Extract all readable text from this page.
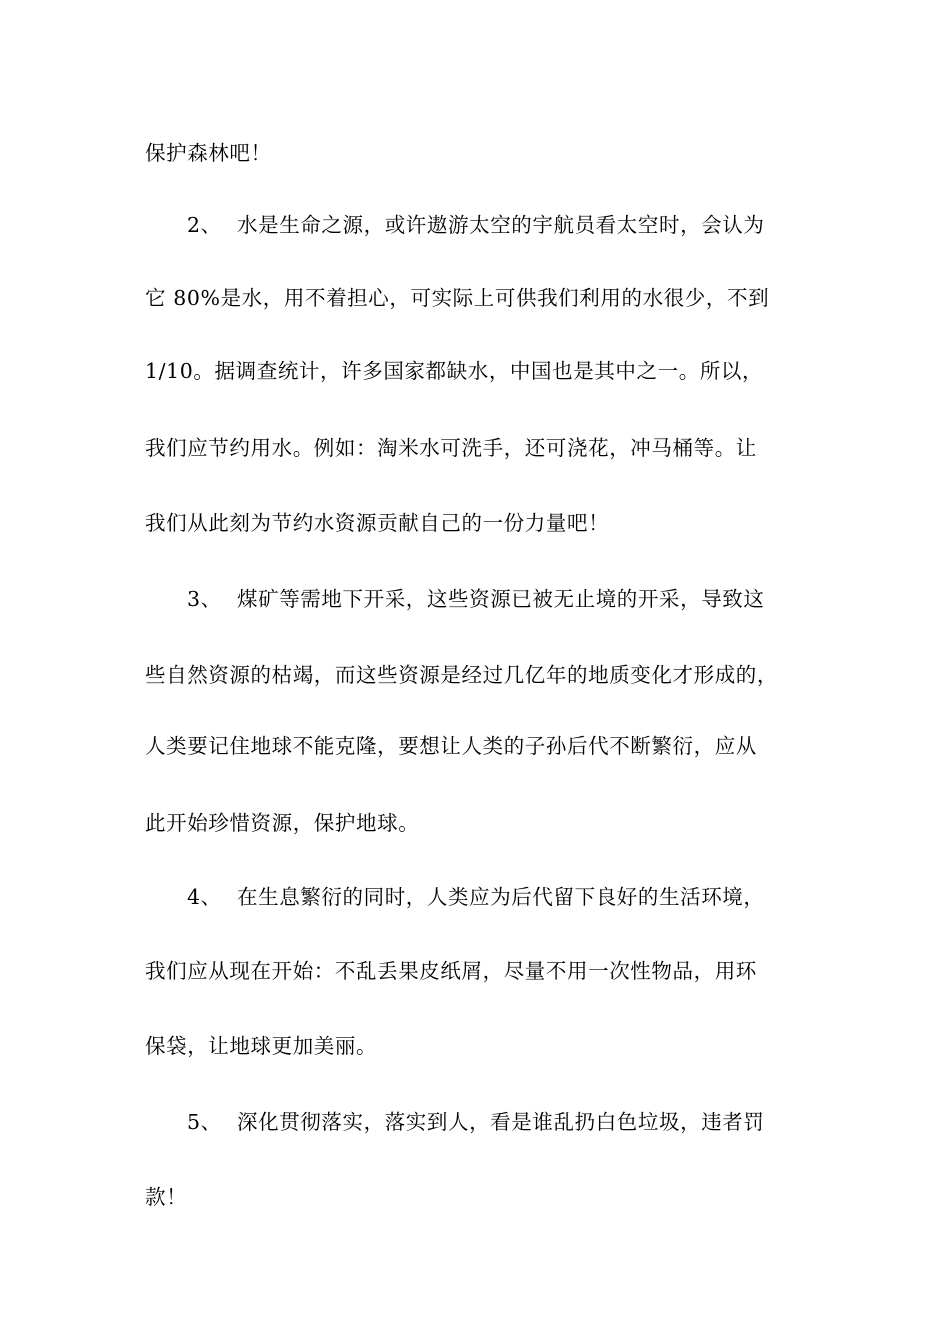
保护森林吧！
2、 水是生命之源，或许遨游太空的宇航员看太空时，会认为
它 80%是水，用不着担心，可实际上可供我们利用的水很少，不到
1/10。据调查统计，许多国家都缺水，中国也是其中之一。所以，
我们应节约用水。例如：淘米水可洗手，还可浇花，冲马桶等。让
我们从此刻为节约水资源贡献自己的一份力量吧！
3、 煤矿等需地下开采，这些资源已被无止境的开采，导致这
些自然资源的枯竭，而这些资源是经过几亿年的地质变化才形成的，
人类要记住地球不能克隆，要想让人类的子孙后代不断繁衍，应从
此开始珍惜资源，保护地球。
4、 在生息繁衍的同时，人类应为后代留下良好的生活环境，
我们应从现在开始：不乱丢果皮纸屑，尽量不用一次性物品，用环
保袋，让地球更加美丽。
5、 深化贯彻落实，落实到人，看是谁乱扔白色垃圾，违者罚
款！
